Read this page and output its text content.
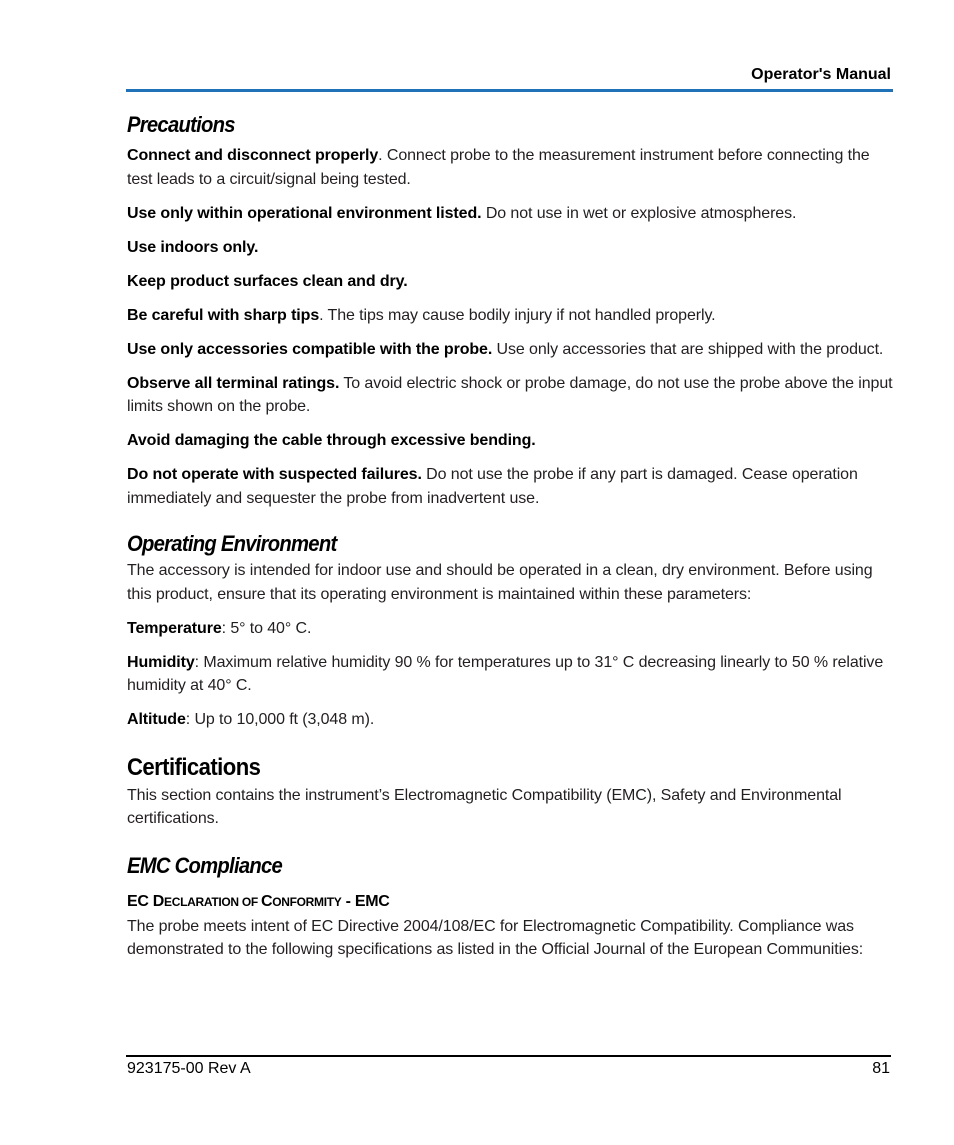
Operator's Manual
Precautions

Connect and disconnect properly. Connect probe to the measurement instrument before connecting the test leads to a circuit/signal being tested.

Use only within operational environment listed. Do not use in wet or explosive atmospheres.

Use indoors only.

Keep product surfaces clean and dry.

Be careful with sharp tips. The tips may cause bodily injury if not handled properly.

Use only accessories compatible with the probe. Use only accessories that are shipped with the product.

Observe all terminal ratings. To avoid electric shock or probe damage, do not use the probe above the input limits shown on the probe.

Avoid damaging the cable through excessive bending.

Do not operate with suspected failures. Do not use the probe if any part is damaged. Cease operation immediately and sequester the probe from inadvertent use.

Operating Environment

The accessory is intended for indoor use and should be operated in a clean, dry environment. Before using this product, ensure that its operating environment is maintained within these parameters:

Temperature: 5° to 40° C.

Humidity: Maximum relative humidity 90 % for temperatures up to 31° C decreasing linearly to 50 % relative humidity at 40° C.

Altitude: Up to 10,000 ft (3,048 m).

Certifications

This section contains the instrument’s Electromagnetic Compatibility (EMC), Safety and Environmental certifications.

EMC Compliance
EC DECLARATION OF CONFORMITY - EMC

The probe meets intent of EC Directive 2004/108/EC for Electromagnetic Compatibility. Compliance was demonstrated to the following specifications as listed in the Official Journal of the European Communities:

923175-00 Rev A	81
